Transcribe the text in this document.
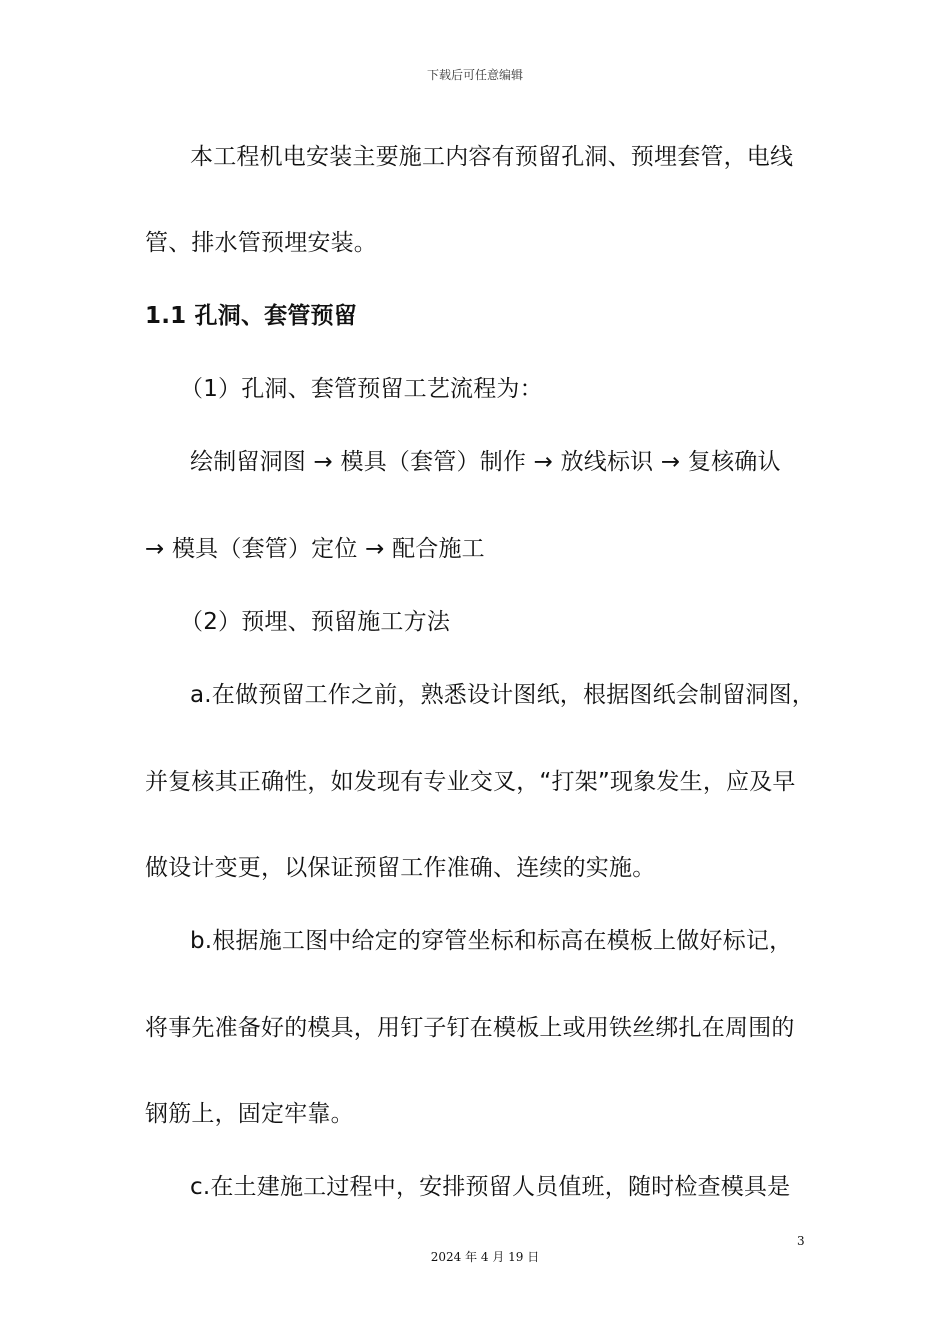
下载后可任意编辑
本工程机电安装主要施工内容有预留孔洞、预埋套管，电线
管、排水管预埋安装。
1.1 孔洞、套管预留
（1）孔洞、套管预留工艺流程为：
绘制留洞图 → 模具（套管）制作 → 放线标识 → 复核确认
→ 模具（套管）定位 → 配合施工
（2）预埋、预留施工方法
a.在做预留工作之前，熟悉设计图纸，根据图纸会制留洞图，
并复核其正确性，如发现有专业交叉，“打架”现象发生，应及早
做设计变更，以保证预留工作准确、连续的实施。
b.根据施工图中给定的穿管坐标和标高在模板上做好标记，
将事先准备好的模具，用钉子钉在模板上或用铁丝绑扎在周围的
钢筋上，固定牢靠。
c.在土建施工过程中，安排预留人员值班，随时检查模具是
3
2024 年 4 月 19 日
